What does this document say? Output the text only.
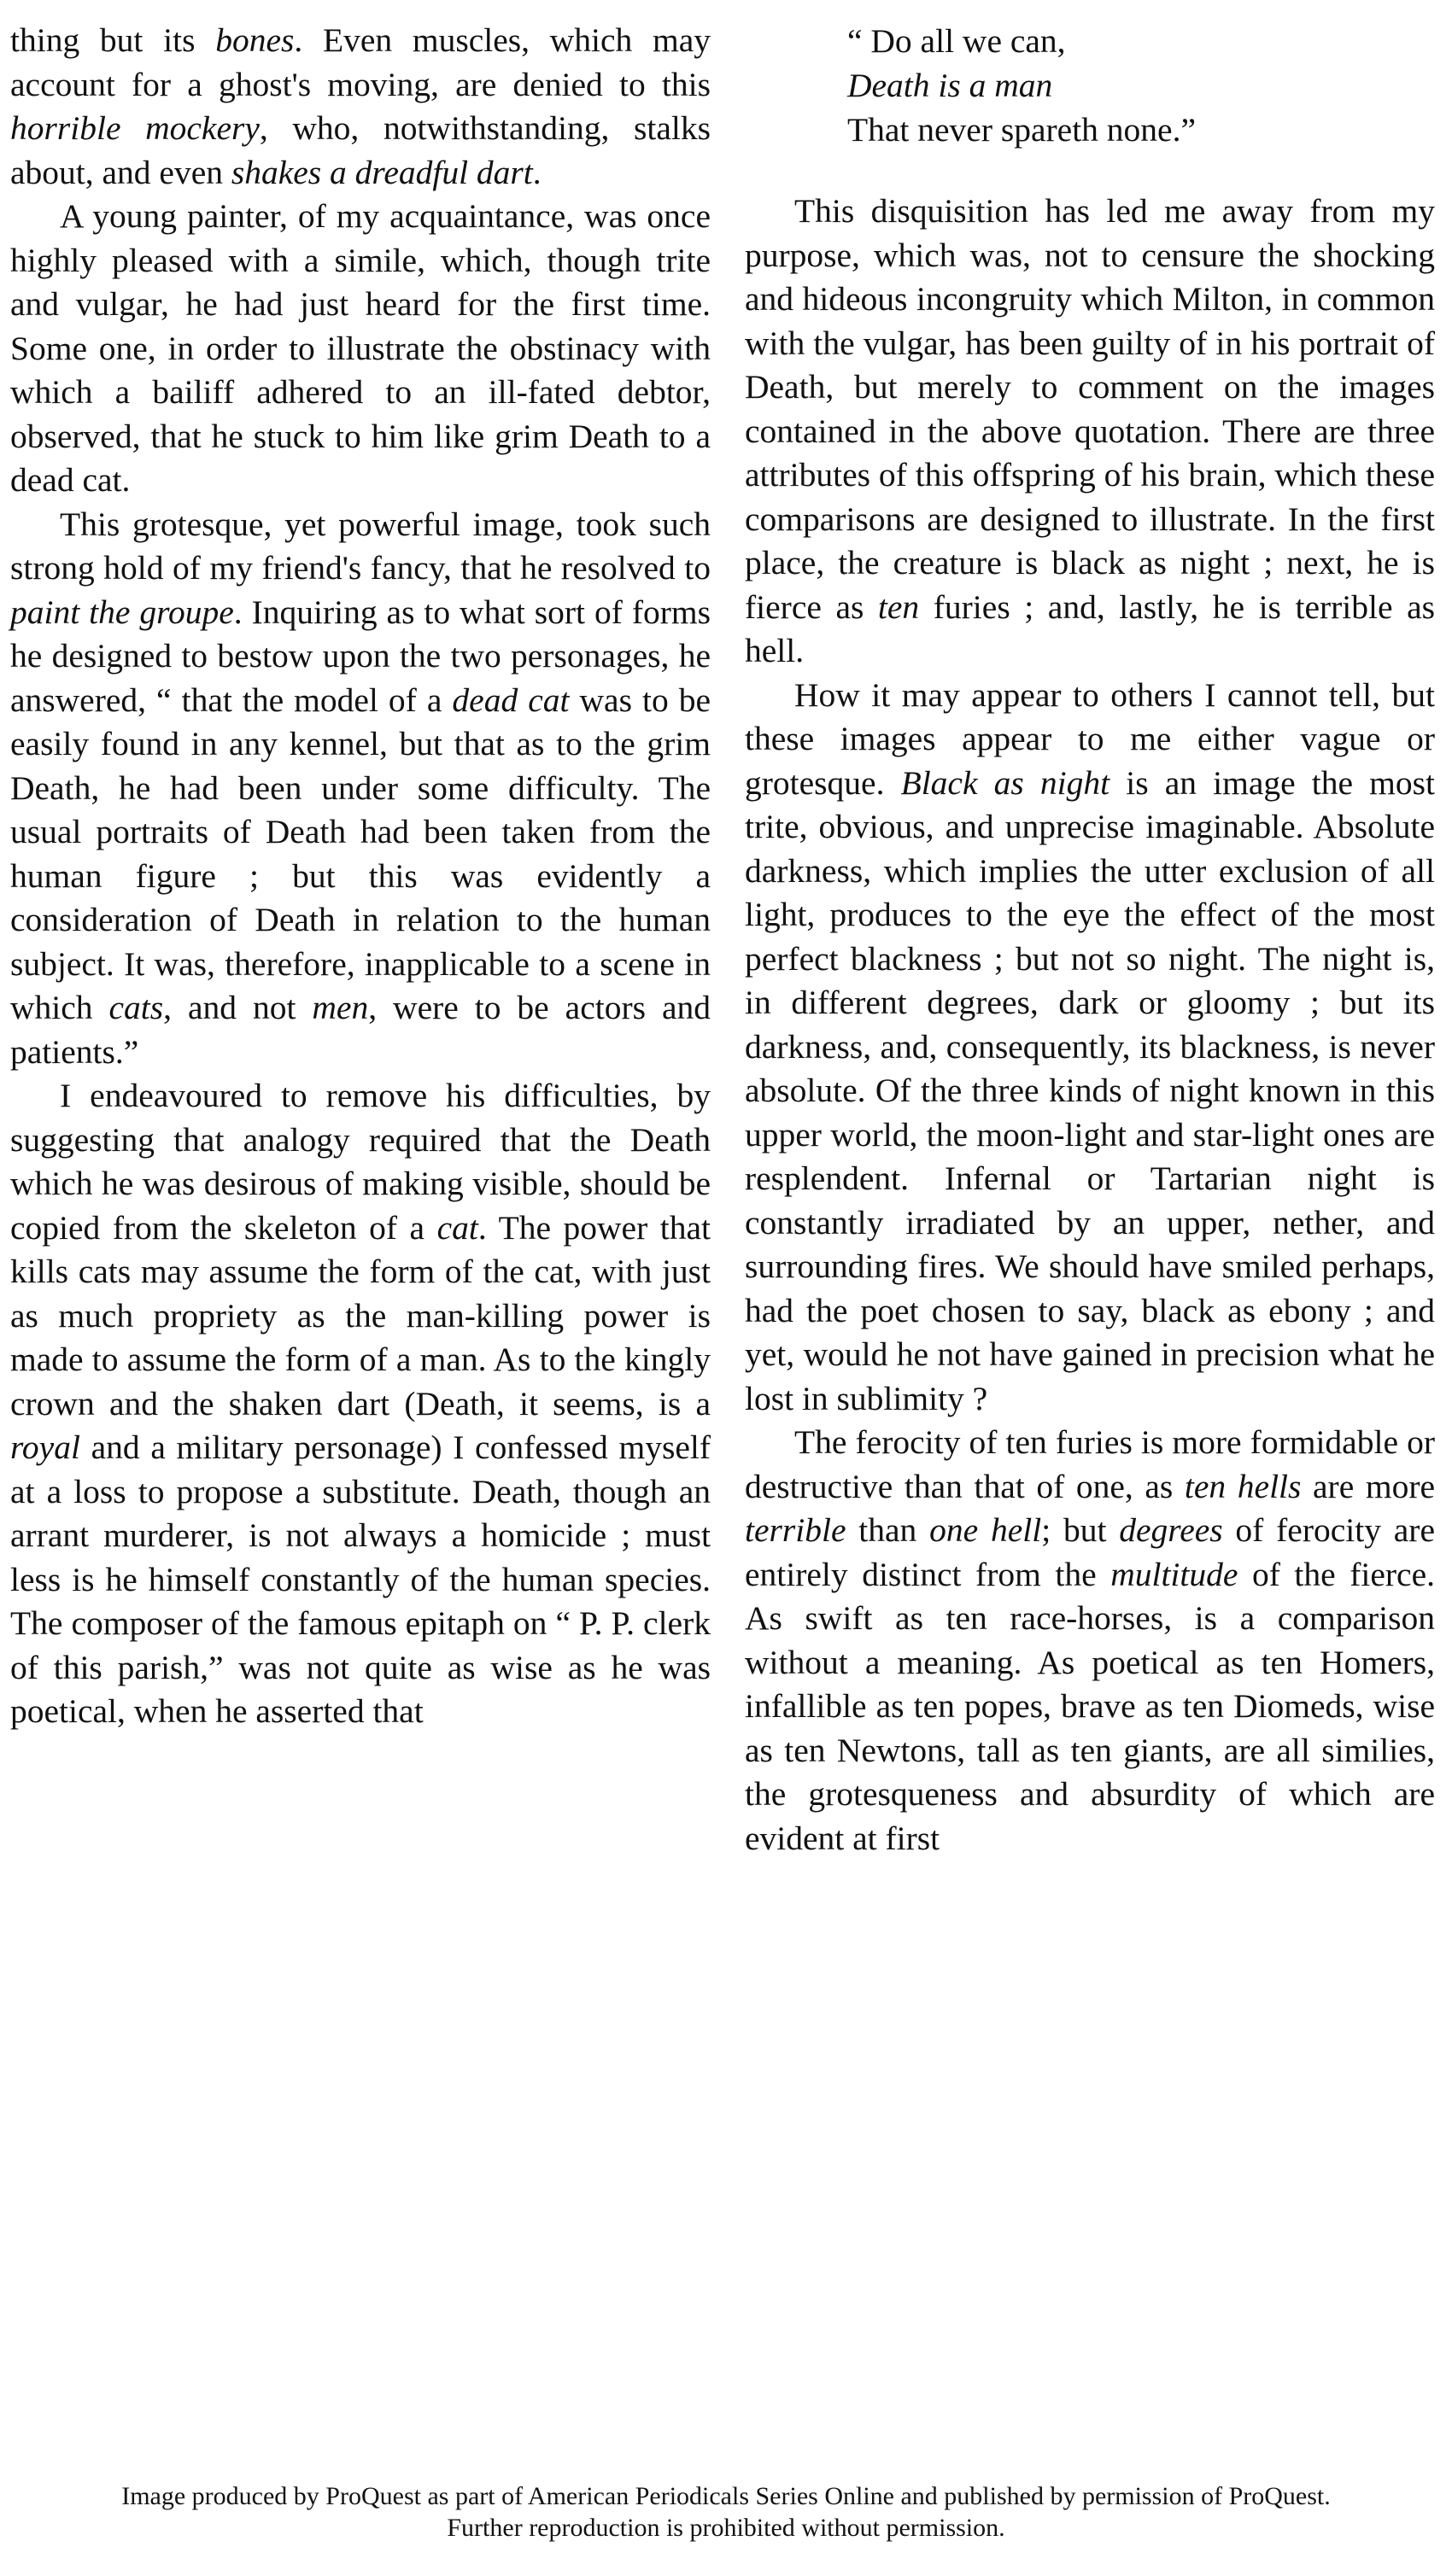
thing but its bones. Even muscles, which may account for a ghost's moving, are denied to this horrible mockery, who, notwithstanding, stalks about, and even shakes a dreadful dart.

A young painter, of my acquaintance, was once highly pleased with a simile, which, though trite and vulgar, he had just heard for the first time. Some one, in order to illustrate the obstinacy with which a bailiff adhered to an ill-fated debtor, observed, that he stuck to him like grim Death to a dead cat.

This grotesque, yet powerful image, took such strong hold of my friend's fancy, that he resolved to paint the groupe. Inquiring as to what sort of forms he designed to bestow upon the two personages, he answered, “ that the model of a dead cat was to be easily found in any kennel, but that as to the grim Death, he had been under some difficulty. The usual portraits of Death had been taken from the human figure ; but this was evidently a consideration of Death in relation to the human subject. It was, therefore, inapplicable to a scene in which cats, and not men, were to be actors and patients.”

I endeavoured to remove his difficulties, by suggesting that analogy required that the Death which he was desirous of making visible, should be copied from the skeleton of a cat. The power that kills cats may assume the form of the cat, with just as much propriety as the man-killing power is made to assume the form of a man. As to the kingly crown and the shaken dart (Death, it seems, is a royal and a military personage) I confessed myself at a loss to propose a substitute. Death, though an arrant murderer, is not always a homicide ; must less is he himself constantly of the human species. The composer of the famous epitaph on “ P. P. clerk of this parish,” was not quite as wise as he was poetical, when he asserted that

“ Do all we can,
Death is a man
That never spareth none.”

This disquisition has led me away from my purpose, which was, not to censure the shocking and hideous incongruity which Milton, in common with the vulgar, has been guilty of in his portrait of Death, but merely to comment on the images contained in the above quotation. There are three attributes of this offspring of his brain, which these comparisons are designed to illustrate. In the first place, the creature is black as night ; next, he is fierce as ten furies ; and, lastly, he is terrible as hell.

How it may appear to others I cannot tell, but these images appear to me either vague or grotesque. Black as night is an image the most trite, obvious, and unprecise imaginable. Absolute darkness, which implies the utter exclusion of all light, produces to the eye the effect of the most perfect blackness ; but not so night. The night is, in different degrees, dark or gloomy ; but its darkness, and, consequently, its blackness, is never absolute. Of the three kinds of night known in this upper world, the moon-light and star-light ones are resplendent. Infernal or Tartarian night is constantly irradiated by an upper, nether, and surrounding fires. We should have smiled perhaps, had the poet chosen to say, black as ebony ; and yet, would he not have gained in precision what he lost in sublimity ?

The ferocity of ten furies is more formidable or destructive than that of one, as ten hells are more terrible than one hell; but degrees of ferocity are entirely distinct from the multitude of the fierce. As swift as ten race-horses, is a comparison without a meaning. As poetical as ten Homers, infallible as ten popes, brave as ten Diomeds, wise as ten Newtons, tall as ten giants, are all similies, the grotesqueness and absurdity of which are evident at first

Image produced by ProQuest as part of American Periodicals Series Online and published by permission of ProQuest.
Further reproduction is prohibited without permission.
